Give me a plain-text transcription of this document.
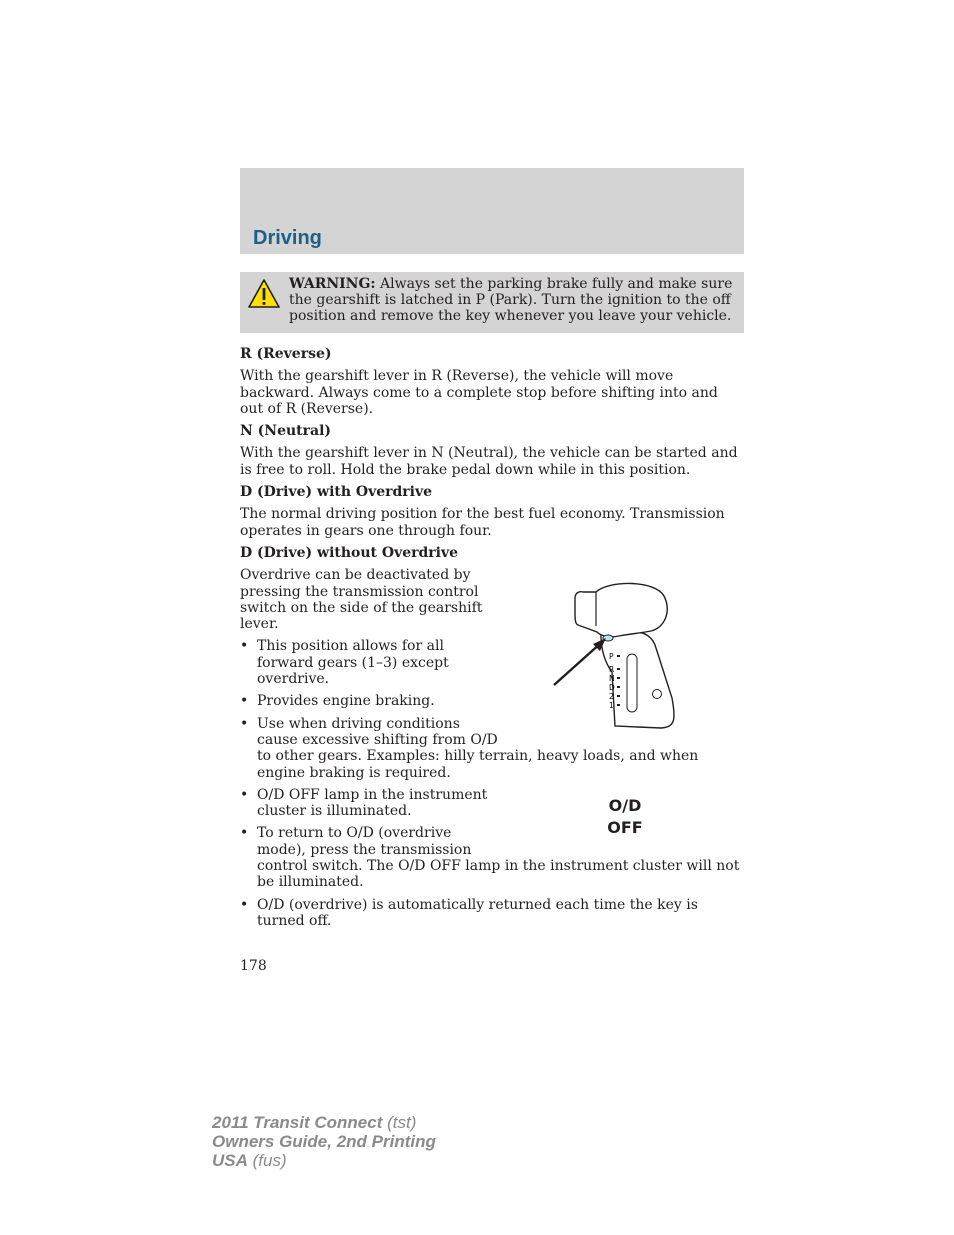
Driving
WARNING: Always set the parking brake fully and make sure the gearshift is latched in P (Park). Turn the ignition to the off position and remove the key whenever you leave your vehicle.

R (Reverse)

With the gearshift lever in R (Reverse), the vehicle will move backward. Always come to a complete stop before shifting into and out of R (Reverse).

N (Neutral)

With the gearshift lever in N (Neutral), the vehicle can be started and is free to roll. Hold the brake pedal down while in this position.

D (Drive) with Overdrive

The normal driving position for the best fuel economy. Transmission operates in gears one through four.

D (Drive) without Overdrive

Overdrive can be deactivated by pressing the transmission control switch on the side of the gearshift lever.

• This position allows for all
forward gears (1–3) except
overdrive.
• Provides engine braking.
• Use when driving conditions
cause excessive shifting from O/D
to other gears. Examples: hilly terrain, heavy loads, and when engine braking is required.
• O/D OFF lamp in the instrument
cluster is illuminated.
• To return to O/D (overdrive
mode), press the transmission
control switch. The O/D OFF lamp in the instrument cluster will not be illuminated.
• O/D (overdrive) is automatically returned each time the key is turned off.
P
R
N
D
2
1
O/D
OFF
178
2011 Transit Connect (tst)
Owners Guide, 2nd Printing
USA (fus)
